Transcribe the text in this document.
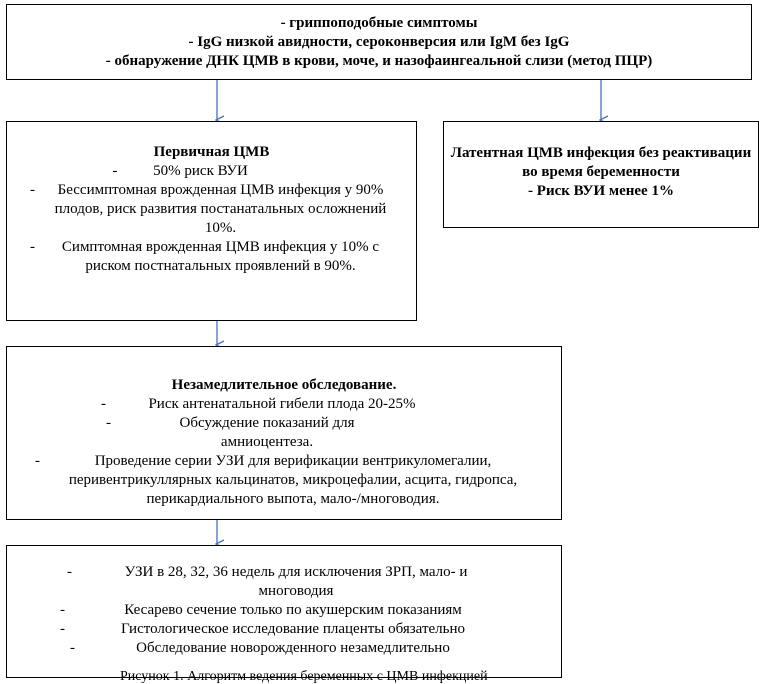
- гриппоподобные симптомы

- IgG низкой авидности, сероконверсия или IgM без IgG

- обнаружение ДНК ЦМВ в крови, моче, и назофаингеальной слизи (метод ПЦР)

Первичная ЦМВ

-	50% риск ВУИ
-	Бессимптомная врожденная ЦМВ инфекция у 90% плодов, риск развития постанатальных осложнений 10%.
-	Симптомная врожденная ЦМВ инфекция у 10% с риском постнатальных проявлений в 90%.

Латентная ЦМВ инфекция без реактивации во время беременности

- Риск ВУИ менее 1%

Незамедлительное обследование.

-	Риск антенатальной гибели плода 20-25%
-	Обсуждение показаний для амниоцентеза.
-	Проведение серии УЗИ для верификации вентрикуломегалии, перивентрикуллярных кальцинатов, микроцефалии, асцита, гидропса, перикардиального выпота, мало-/многоводия.
-	УЗИ в 28, 32, 36 недель для исключения ЗРП, мало- и многоводия
-	Кесарево сечение только по акушерским показаниям
-	Гистологическое исследование плаценты обязательно
-	Обследование новорожденного незамедлительно
Рисунок 1. Алгоритм ведения беременных с ЦМВ инфекцией
